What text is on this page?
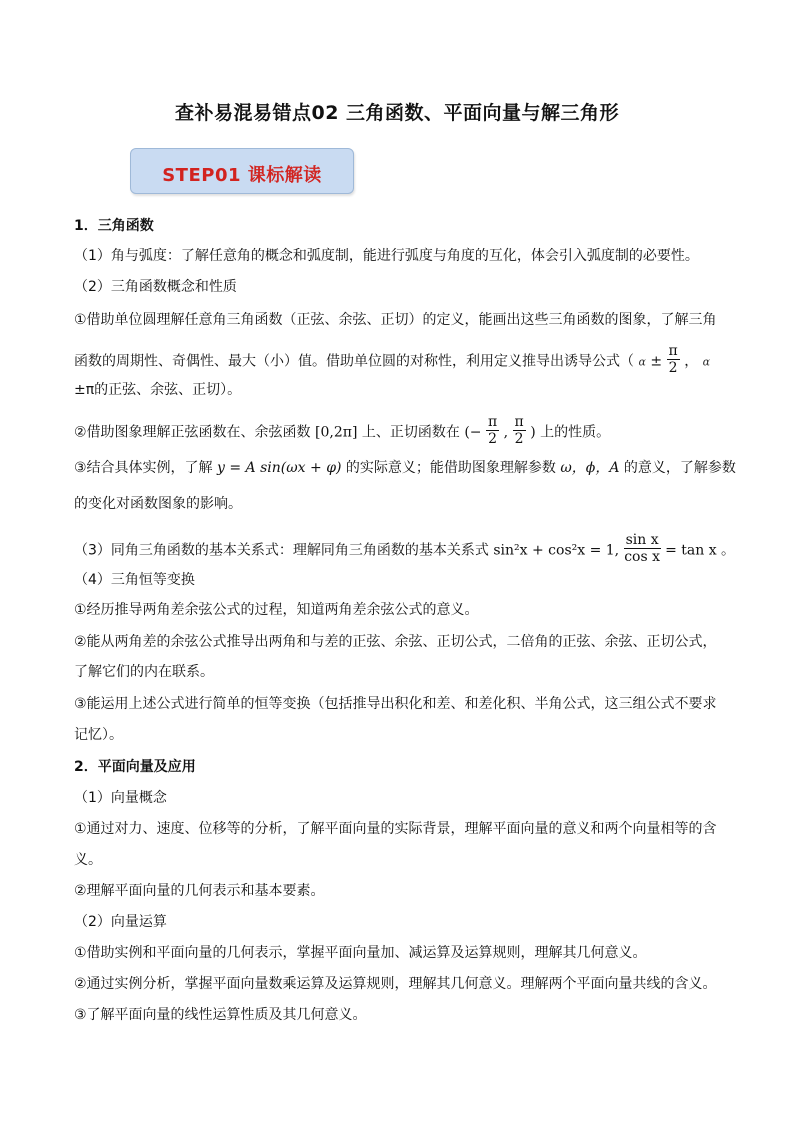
查补易混易错点02 三角函数、平面向量与解三角形
STEP01 课标解读
1．三角函数
（1）角与弧度：了解任意角的概念和弧度制，能进行弧度与角度的互化，体会引入弧度制的必要性。
（2）三角函数概念和性质
①借助单位圆理解任意角三角函数（正弦、余弦、正切）的定义，能画出这些三角函数的图象，了解三角
函数的周期性、奇偶性、最大（小）值。借助单位圆的对称性，利用定义推导出诱导公式（ $\alpha \pm \frac{\pi}{2}$ ， α
±π的正弦、余弦、正切）。
②借助图象理解正弦函数在、余弦函数 [0,2π] 上、正切函数在 (− $\frac{\pi}{2}$ , $\frac{\pi}{2}$ ) 上的性质。
③结合具体实例，了解 y = A sin(ωx + φ) 的实际意义；能借助图象理解参数 ω，ϕ，A 的意义，了解参数
的变化对函数图象的影响。
（3）同角三角函数的基本关系式：理解同角三角函数的基本关系式 sin²x + cos²x = 1, $\frac{\text{sin x}}{\text{cos x}} = \tan x$ 。
（4）三角恒等变换
①经历推导两角差余弦公式的过程，知道两角差余弦公式的意义。
②能从两角差的余弦公式推导出两角和与差的正弦、余弦、正切公式，二倍角的正弦、余弦、正切公式，
了解它们的内在联系。
③能运用上述公式进行简单的恒等变换（包括推导出积化和差、和差化积、半角公式，这三组公式不要求
记忆）。
2．平面向量及应用
（1）向量概念
①通过对力、速度、位移等的分析，了解平面向量的实际背景，理解平面向量的意义和两个向量相等的含
义。
②理解平面向量的几何表示和基本要素。
（2）向量运算
①借助实例和平面向量的几何表示，掌握平面向量加、减运算及运算规则，理解其几何意义。
②通过实例分析，掌握平面向量数乘运算及运算规则，理解其几何意义。理解两个平面向量共线的含义。
③了解平面向量的线性运算性质及其几何意义。
